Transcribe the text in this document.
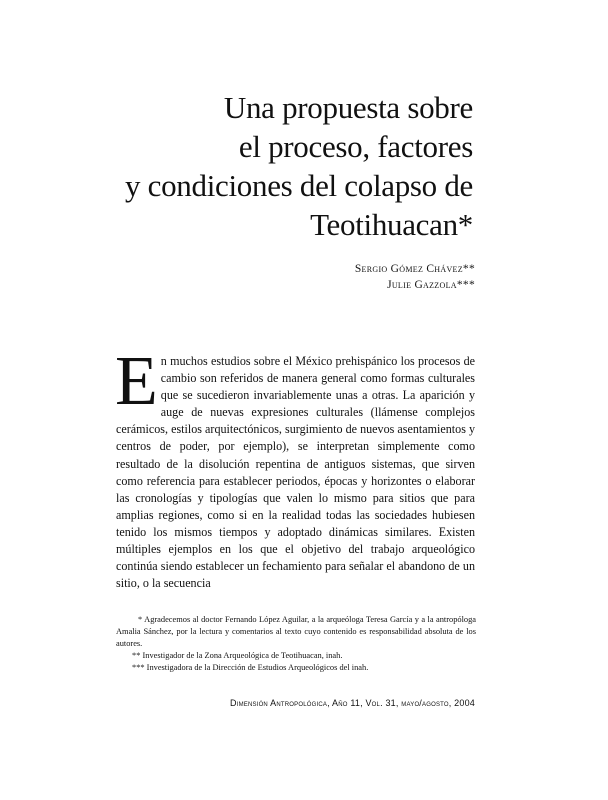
Una propuesta sobre
el proceso, factores
y condiciones del colapso de
Teotihuacan*
Sergio Gómez Chávez**
Julie Gazzola***
E n muchos estudios sobre el México prehispánico los procesos de cambio son referidos de manera general como formas culturales que se sucedieron invariablemente unas a otras. La aparición y auge de nuevas expresiones culturales (llámense complejos cerámicos, estilos arquitectónicos, surgimiento de nuevos asentamientos y centros de poder, por ejemplo), se interpretan simplemente como resultado de la disolución repentina de antiguos sistemas, que sirven como referencia para establecer periodos, épocas y horizontes o elaborar las cronologías y tipologías que valen lo mismo para sitios que para amplias regiones, como si en la realidad todas las sociedades hubiesen tenido los mismos tiempos y adoptado dinámicas similares. Existen múltiples ejemplos en los que el objetivo del trabajo arqueológico continúa siendo establecer un fechamiento para señalar el abandono de un sitio, o la secuencia

* Agradecemos al doctor Fernando López Aguilar, a la arqueóloga Teresa García y a la antropóloga Amalia Sánchez, por la lectura y comentarios al texto cuyo contenido es responsabilidad absoluta de los autores.

** Investigador de la Zona Arqueológica de Teotihuacan, inah.

*** Investigadora de la Dirección de Estudios Arqueológicos del inah.

Dimensión Antropológica, Año 11, Vol. 31, mayo/agosto, 2004
